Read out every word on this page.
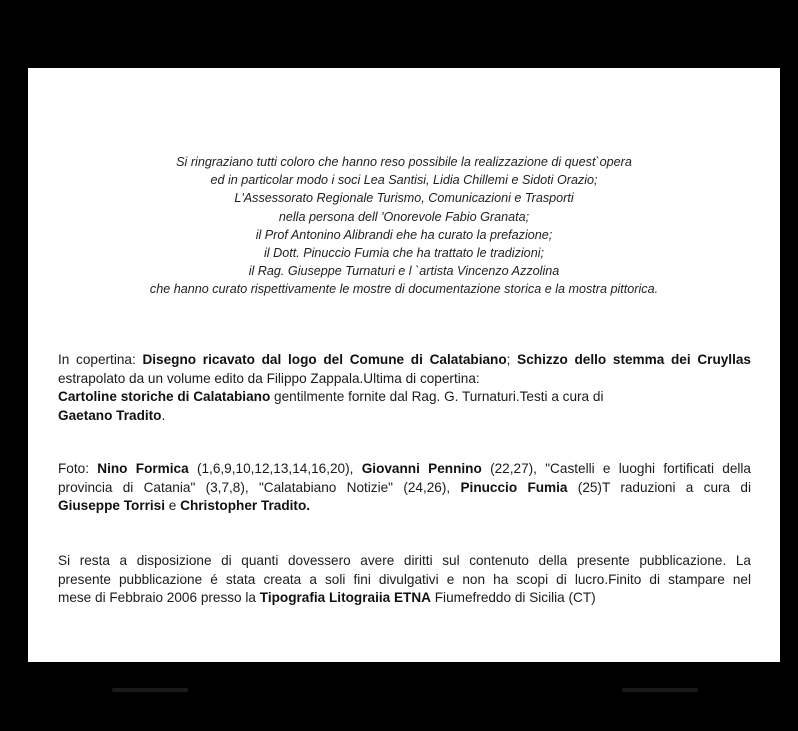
Si ringraziano tutti coloro che hanno reso possibile la realizzazione di quest`opera
ed in particolar modo i soci Lea Santisi, Lidia Chillemi e Sidoti Orazio;
L'Assessorato Regionale Turismo, Comunicazioni e Trasporti
nella persona dell 'Onorevole Fabio Granata;
il Prof Antonino Alibrandi ehe ha curato la prefazione;
il Dott. Pinuccio Fumia che ha trattato le tradizioni;
il Rag. Giuseppe Turnaturi e l `artista Vincenzo Azzolina
che hanno curato rispettivamente le mostre di documentazione storica e la mostra pittorica.
In copertina: Disegno ricavato dal logo del Comune di Calatabiano; Schizzo dello stemma dei Cruyllas
estrapolato da un volume edito da Filippo Zappala.Ultima di copertina:
Cartoline storiche di Calatabiano gentilmente fornite dal Rag. G. Turnaturi.Testi a cura di
Gaetano Tradito.
Foto: Nino Formica (1,6,9,10,12,13,14,16,20), Giovanni Pennino (22,27), "Castelli e luoghi fortificati della
provincia di Catania" (3,7,8), "Calatabiano Notizie" (24,26), Pinuccio Fumia (25)T raduzioni a cura di
Giuseppe Torrisi e Christopher Tradito.
Si resta a disposizione di quanti dovessero avere diritti sul contenuto della presente pubblicazione. La
presente pubblicazione é stata creata a soli fini divulgativi e non ha scopi di lucro.Finito di stampare nel
mese di Febbraio 2006 presso la Tipografia Litograiia ETNA Fiumefreddo di Sicilia (CT)
